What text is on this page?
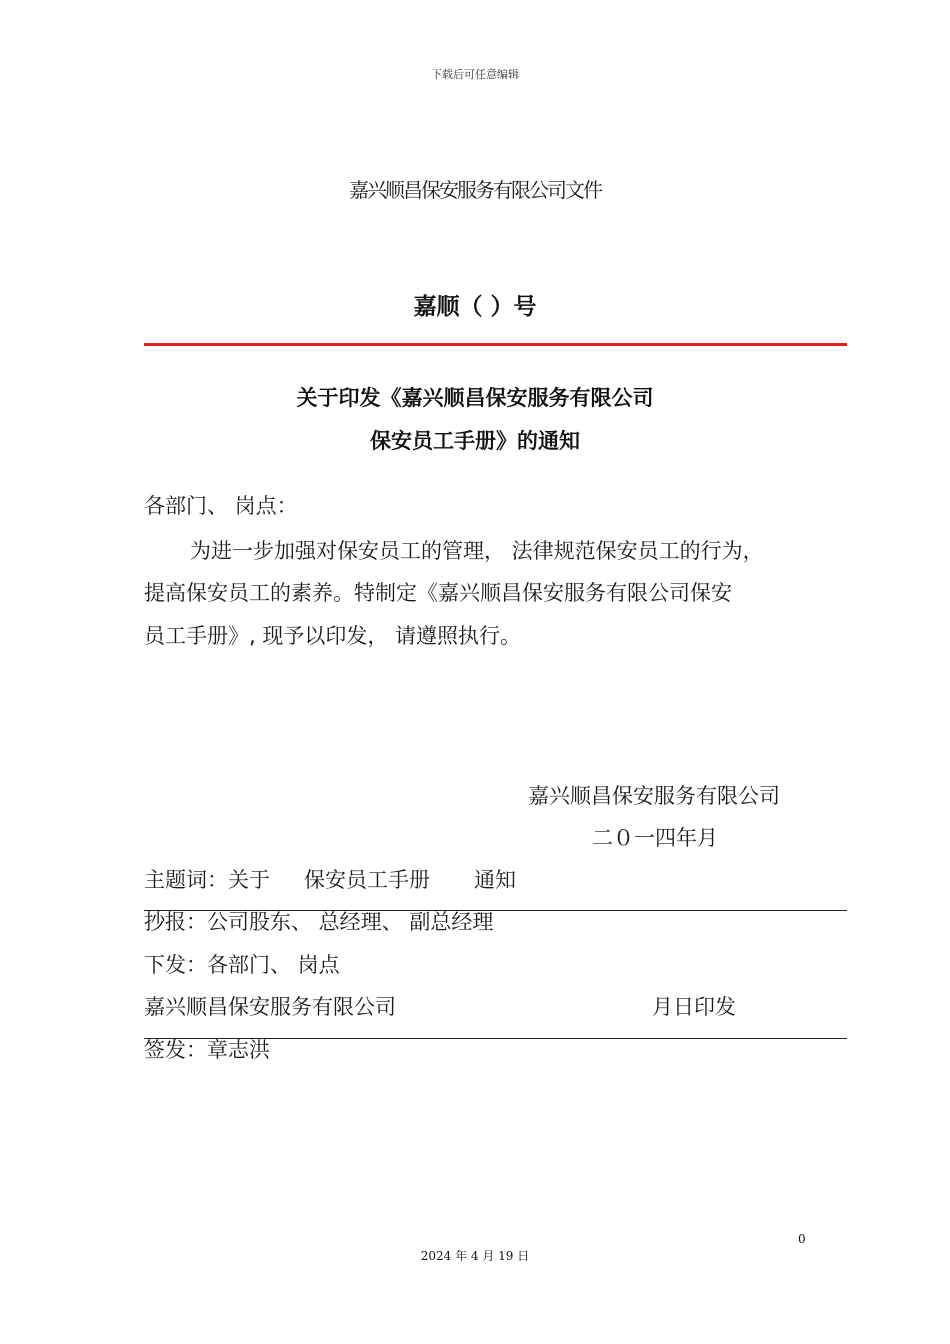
下载后可任意编辑
嘉兴顺昌保安服务有限公司文件
嘉顺（ ）号
关于印发《嘉兴顺昌保安服务有限公司
保安员工手册》的通知
各部门、 岗点：
为进一步加强对保安员工的管理， 法律规范保安员工的行为，
提高保安员工的素养。特制定《嘉兴顺昌保安服务有限公司保安
员工手册》, 现予以印发， 请遵照执行。
嘉兴顺昌保安服务有限公司
二０一四年月
主题词：关于 保安员工手册 通知
抄报：公司股东、 总经理、 副总经理
下发：各部门、 岗点
嘉兴顺昌保安服务有限公司	月日印发
签发：章志洪
0
2024 年 4 月 19 日
